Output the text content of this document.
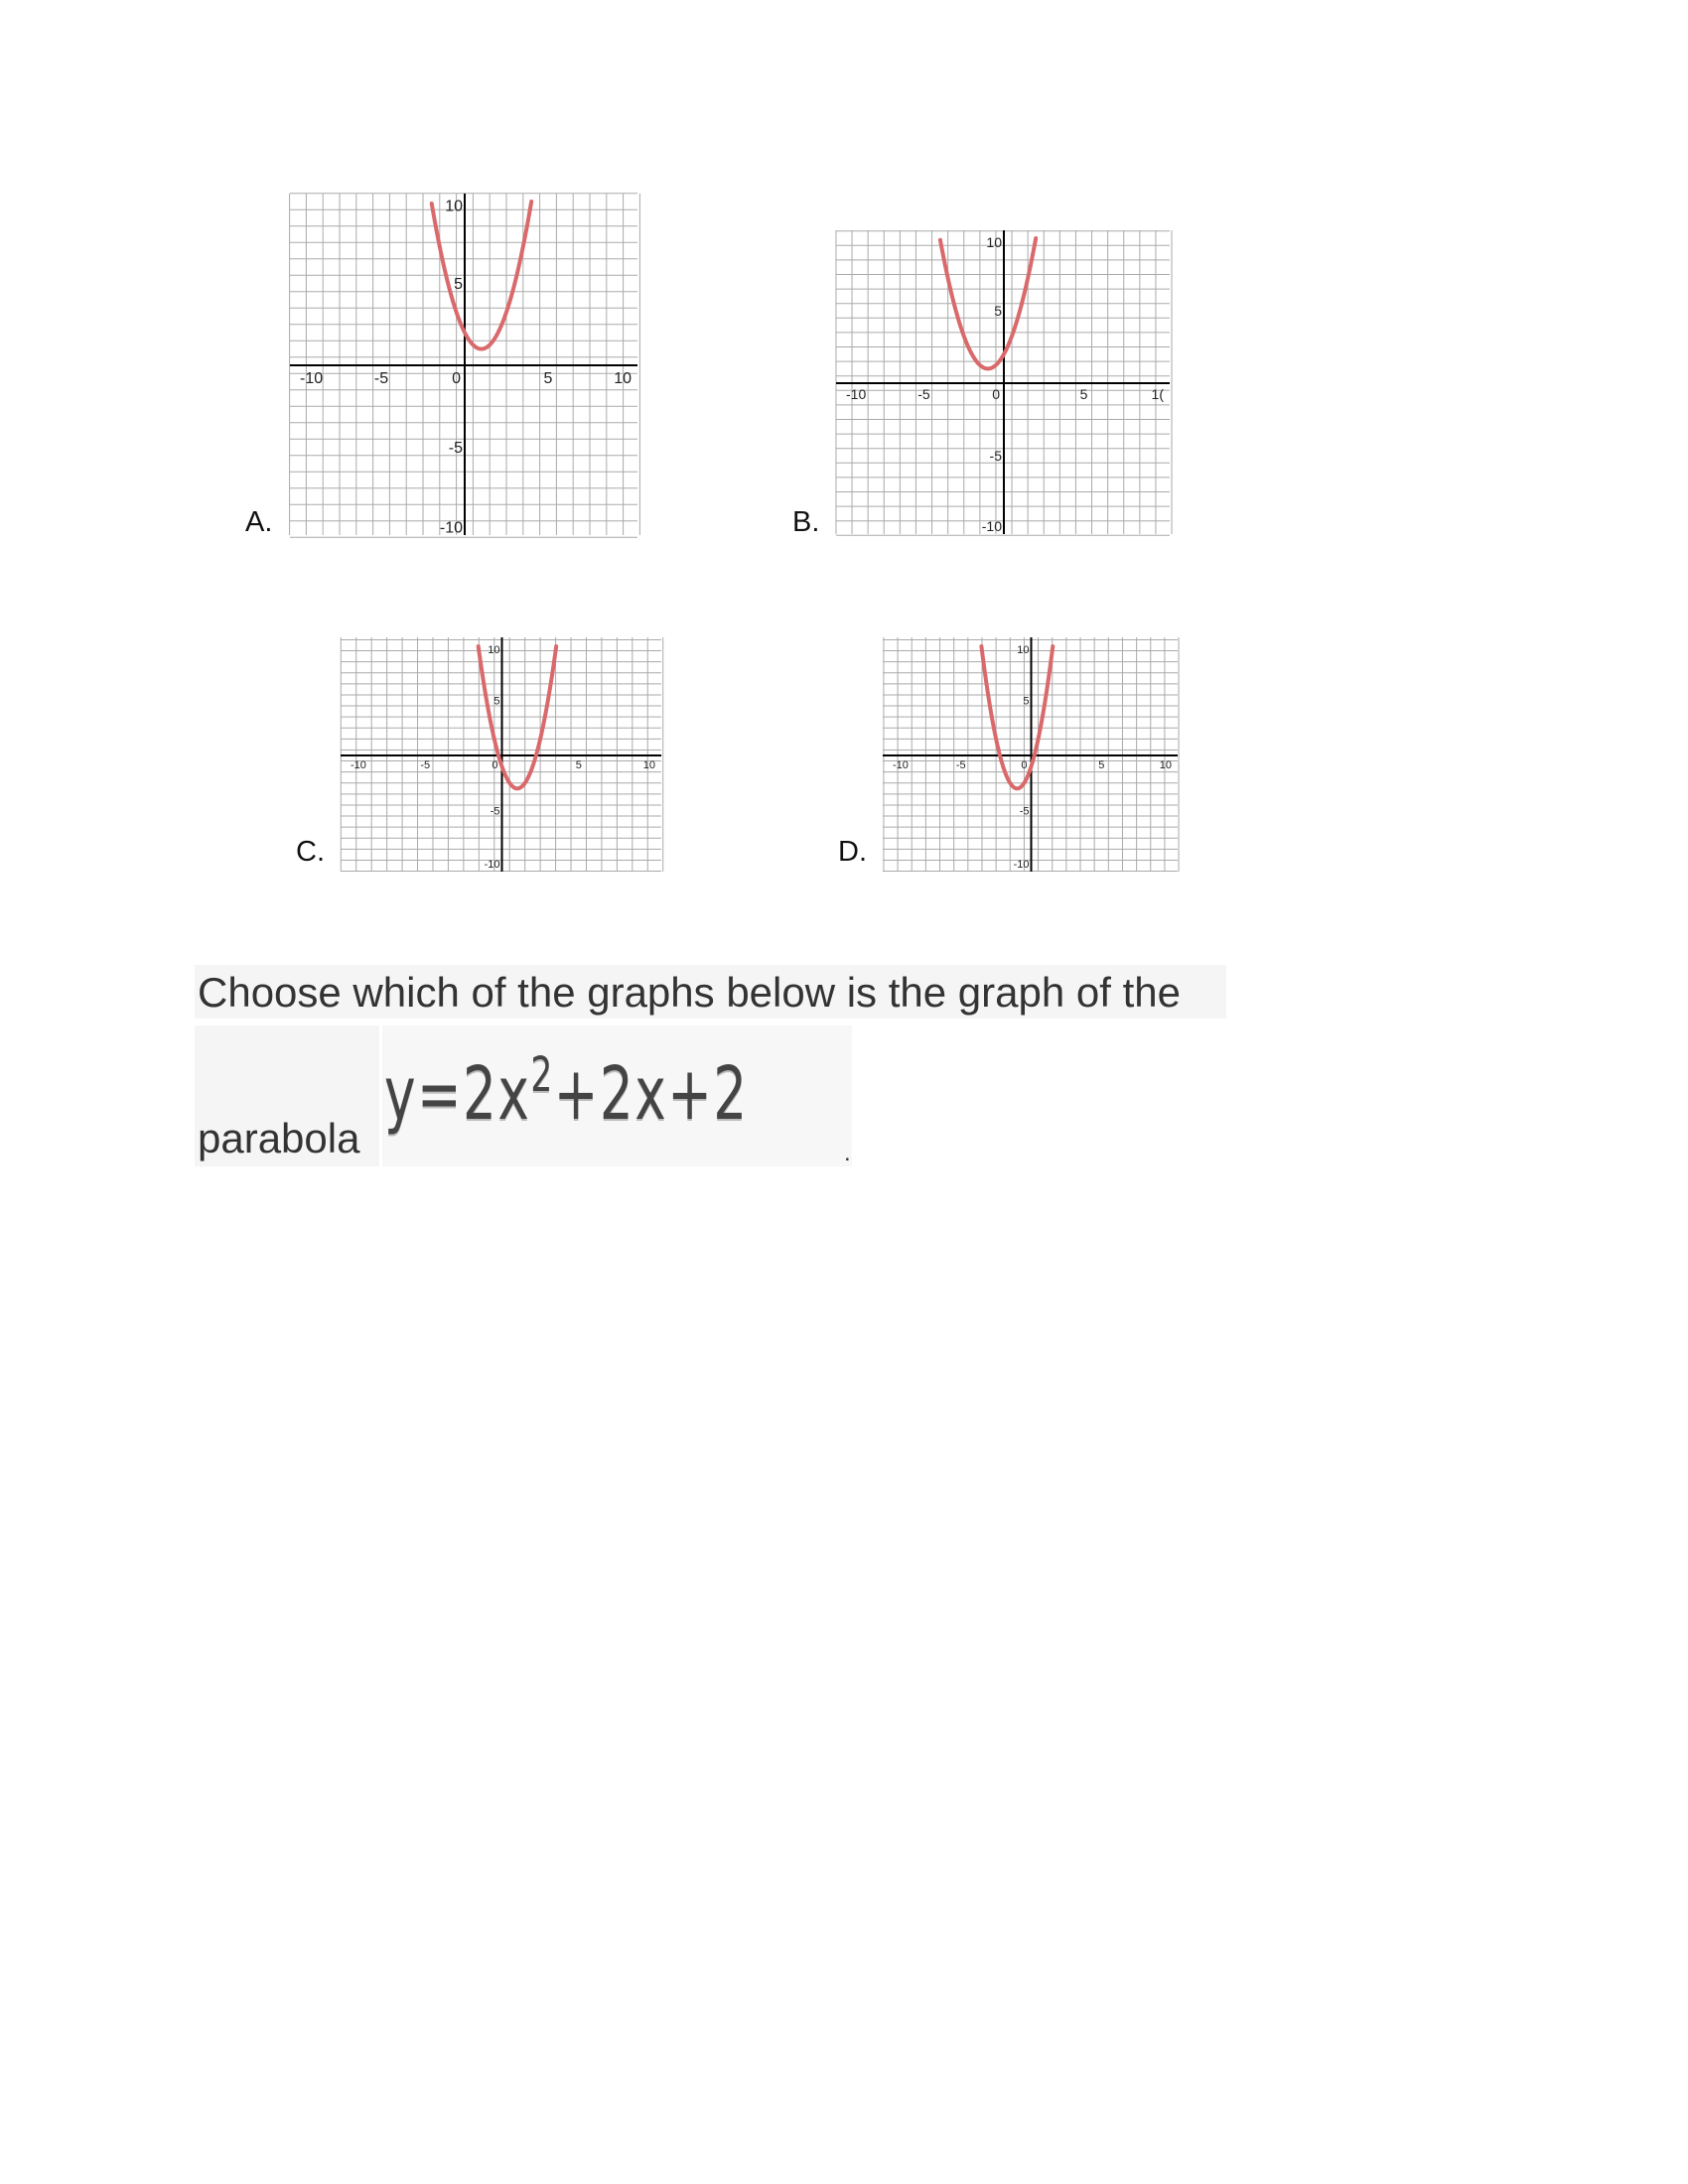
A.
-10	-5	0	5	10
10
5
-5
-10	B.
-10	-5	0	5	1(
10
5
-5
-10
C.
-10	-5	0	5	10
10
5
-5
-10	D.
-10	-5	0	5	10
10
5
-5
-10
Choose which of the graphs below is the graph of the
parabola
$y=2x^2+2x+2$
.
